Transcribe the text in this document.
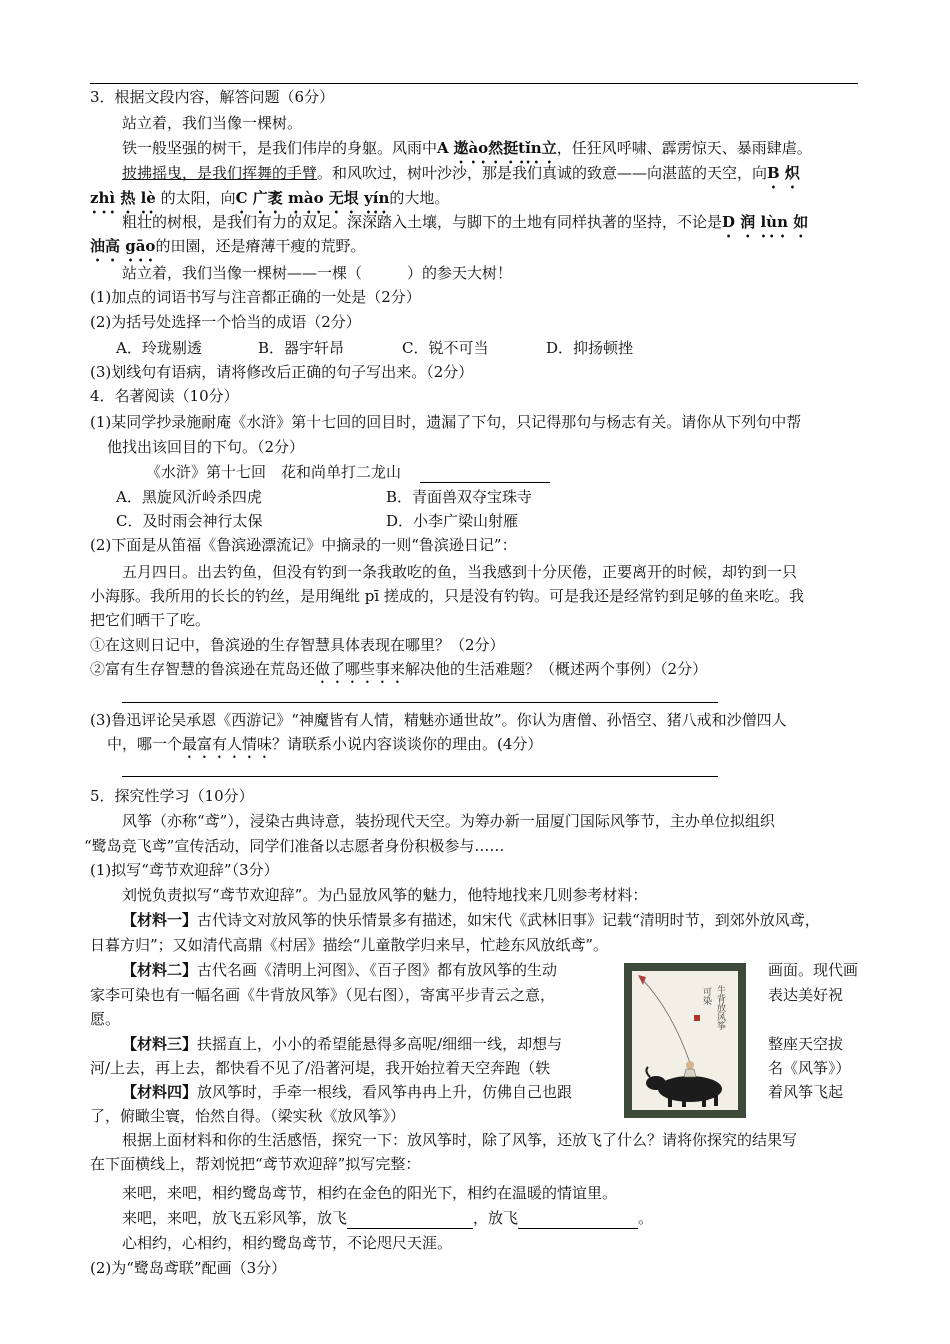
3．根据文段内容，解答问题（6分）
站立着，我们当像一棵树。
铁一般坚强的树干，是我们伟岸的身躯。风雨中A 遨ào然挺tǐn立，任狂风呼啸、霹雳惊天、暴雨肆虐。
披拂摇曳，是我们挥舞的手臂。和风吹过，树叶沙沙，那是我们真诚的致意——向湛蓝的天空，向B 炽
zhì 热 lè 的太阳，向C 广袤 mào 无垠 yín的大地。
粗壮的树根，是我们有力的双足。深深踏入土壤，与脚下的土地有同样执著的坚持，不论是D 润 lùn 如
油高 gāo的田園，还是瘠薄干瘦的荒野。
站立着，我们当像一棵树——一棵（　　　）的参天大树！
(1)加点的词语书写与注音都正确的一处是（2分）
(2)为括号处选择一个恰当的成语（2分）
A．玲珑剔透	B．器宇轩昂	C．锐不可当	D．抑扬顿挫
(3)划线句有语病，请将修改后正确的句子写出来。（2分）
4．名著阅读（10分）
(1)某同学抄录施耐庵《水浒》第十七回的回目时，遗漏了下句，只记得那句与杨志有关。请你从下列句中帮
他找出该回目的下句。（2分）
《水浒》第十七回　花和尚单打二龙山
A．黑旋风沂岭杀四虎	B．青面兽双夺宝珠寺
C．及时雨会神行太保	D．小李广梁山射雁
(2)下面是从笛福《鲁滨逊漂流记》中摘录的一则“鲁滨逊日记”：
五月四日。出去钓鱼，但没有钓到一条我敢吃的鱼，当我感到十分厌倦，正要离开的时候，却钓到一只
小海豚。我所用的长长的钓丝，是用绳纰 pī 搓成的，只是没有钓钩。可是我还是经常钓到足够的鱼来吃。我
把它们晒干了吃。
①在这则日记中，鲁滨逊的生存智慧具体表现在哪里？（2分）
②富有生存智慧的鲁滨逊在荒岛还做了哪些事来解决他的生活难题？（概述两个事例）（2分）
(3)鲁迅评论吴承恩《西游记》“神魔皆有人情，精魅亦通世故”。你认为唐僧、孙悟空、猪八戒和沙僧四人
中，哪一个最富有人情味？请联系小说内容谈谈你的理由。(4分）
5．探究性学习（10分）
风筝（亦称“鸢”），浸染古典诗意，装扮现代天空。为筹办新一届厦门国际风筝节，主办单位拟组织
“鹭岛竞飞鸢”宣传活动，同学们准备以志愿者身份积极参与……
(1)拟写“鸢节欢迎辞”（3分）
刘悦负责拟写“鸢节欢迎辞”。为凸显放风筝的魅力，他特地找来几则参考材料：
【材料一】古代诗文对放风筝的快乐情景多有描述，如宋代《武林旧事》记载“清明时节，到郊外放风鸢，
日暮方归”；又如清代高鼎《村居》描绘“儿童散学归来早，忙趁东风放纸鸢”。
【材料二】古代名画《清明上河图》、《百子图》都有放风筝的生动	画面。现代画
家李可染也有一幅名画《牛背放风筝》（见右图），寄寓平步青云之意，	表达美好祝
愿。
【材料三】扶摇直上，小小的希望能悬得多高呢/细细一线，却想与	整座天空拔
河/上去，再上去，都快看不见了/沿著河堤，我开始拉着天空奔跑（轶	名《风筝》）
【材料四】放风筝时，手牵一根线，看风筝冉冉上升，仿佛自己也跟	着风筝飞起
了，俯瞰尘寰，怡然自得。（梁实秋《放风筝》）
牛背放风筝
可染
根据上面材料和你的生活感悟，探究一下：放风筝时，除了风筝，还放飞了什么？请将你探究的结果写
在下面横线上，帮刘悦把“鸢节欢迎辞”拟写完整：
来吧，来吧，相约鹭岛鸢节，相约在金色的阳光下，相约在温暖的情谊里。
来吧，来吧，放飞五彩风筝，放飞	，放飞	。
心相约，心相约，相约鹭岛鸢节，不论咫尺天涯。
(2)为“鹭岛鸢联”配画（3分）
